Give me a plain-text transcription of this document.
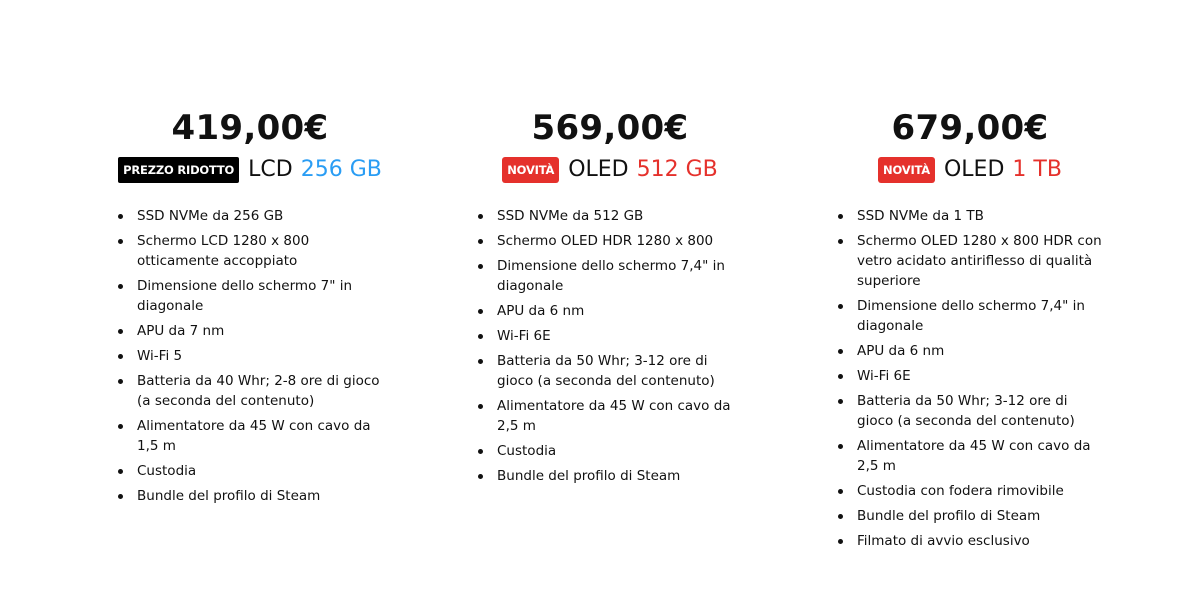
419,00€
PREZZO RIDOTTO LCD 256 GB
SSD NVMe da 256 GB
Schermo LCD 1280 x 800 otticamente accoppiato
Dimensione dello schermo 7" in diagonale
APU da 7 nm
Wi-Fi 5
Batteria da 40 Whr; 2-8 ore di gioco (a seconda del contenuto)
Alimentatore da 45 W con cavo da 1,5 m
Custodia
Bundle del profilo di Steam
569,00€
NOVITÀ OLED 512 GB
SSD NVMe da 512 GB
Schermo OLED HDR 1280 x 800
Dimensione dello schermo 7,4" in diagonale
APU da 6 nm
Wi-Fi 6E
Batteria da 50 Whr; 3-12 ore di gioco (a seconda del contenuto)
Alimentatore da 45 W con cavo da 2,5 m
Custodia
Bundle del profilo di Steam
679,00€
NOVITÀ OLED 1 TB
SSD NVMe da 1 TB
Schermo OLED 1280 x 800 HDR con vetro acidato antiriflesso di qualità superiore
Dimensione dello schermo 7,4" in diagonale
APU da 6 nm
Wi-Fi 6E
Batteria da 50 Whr; 3-12 ore di gioco (a seconda del contenuto)
Alimentatore da 45 W con cavo da 2,5 m
Custodia con fodera rimovibile
Bundle del profilo di Steam
Filmato di avvio esclusivo
